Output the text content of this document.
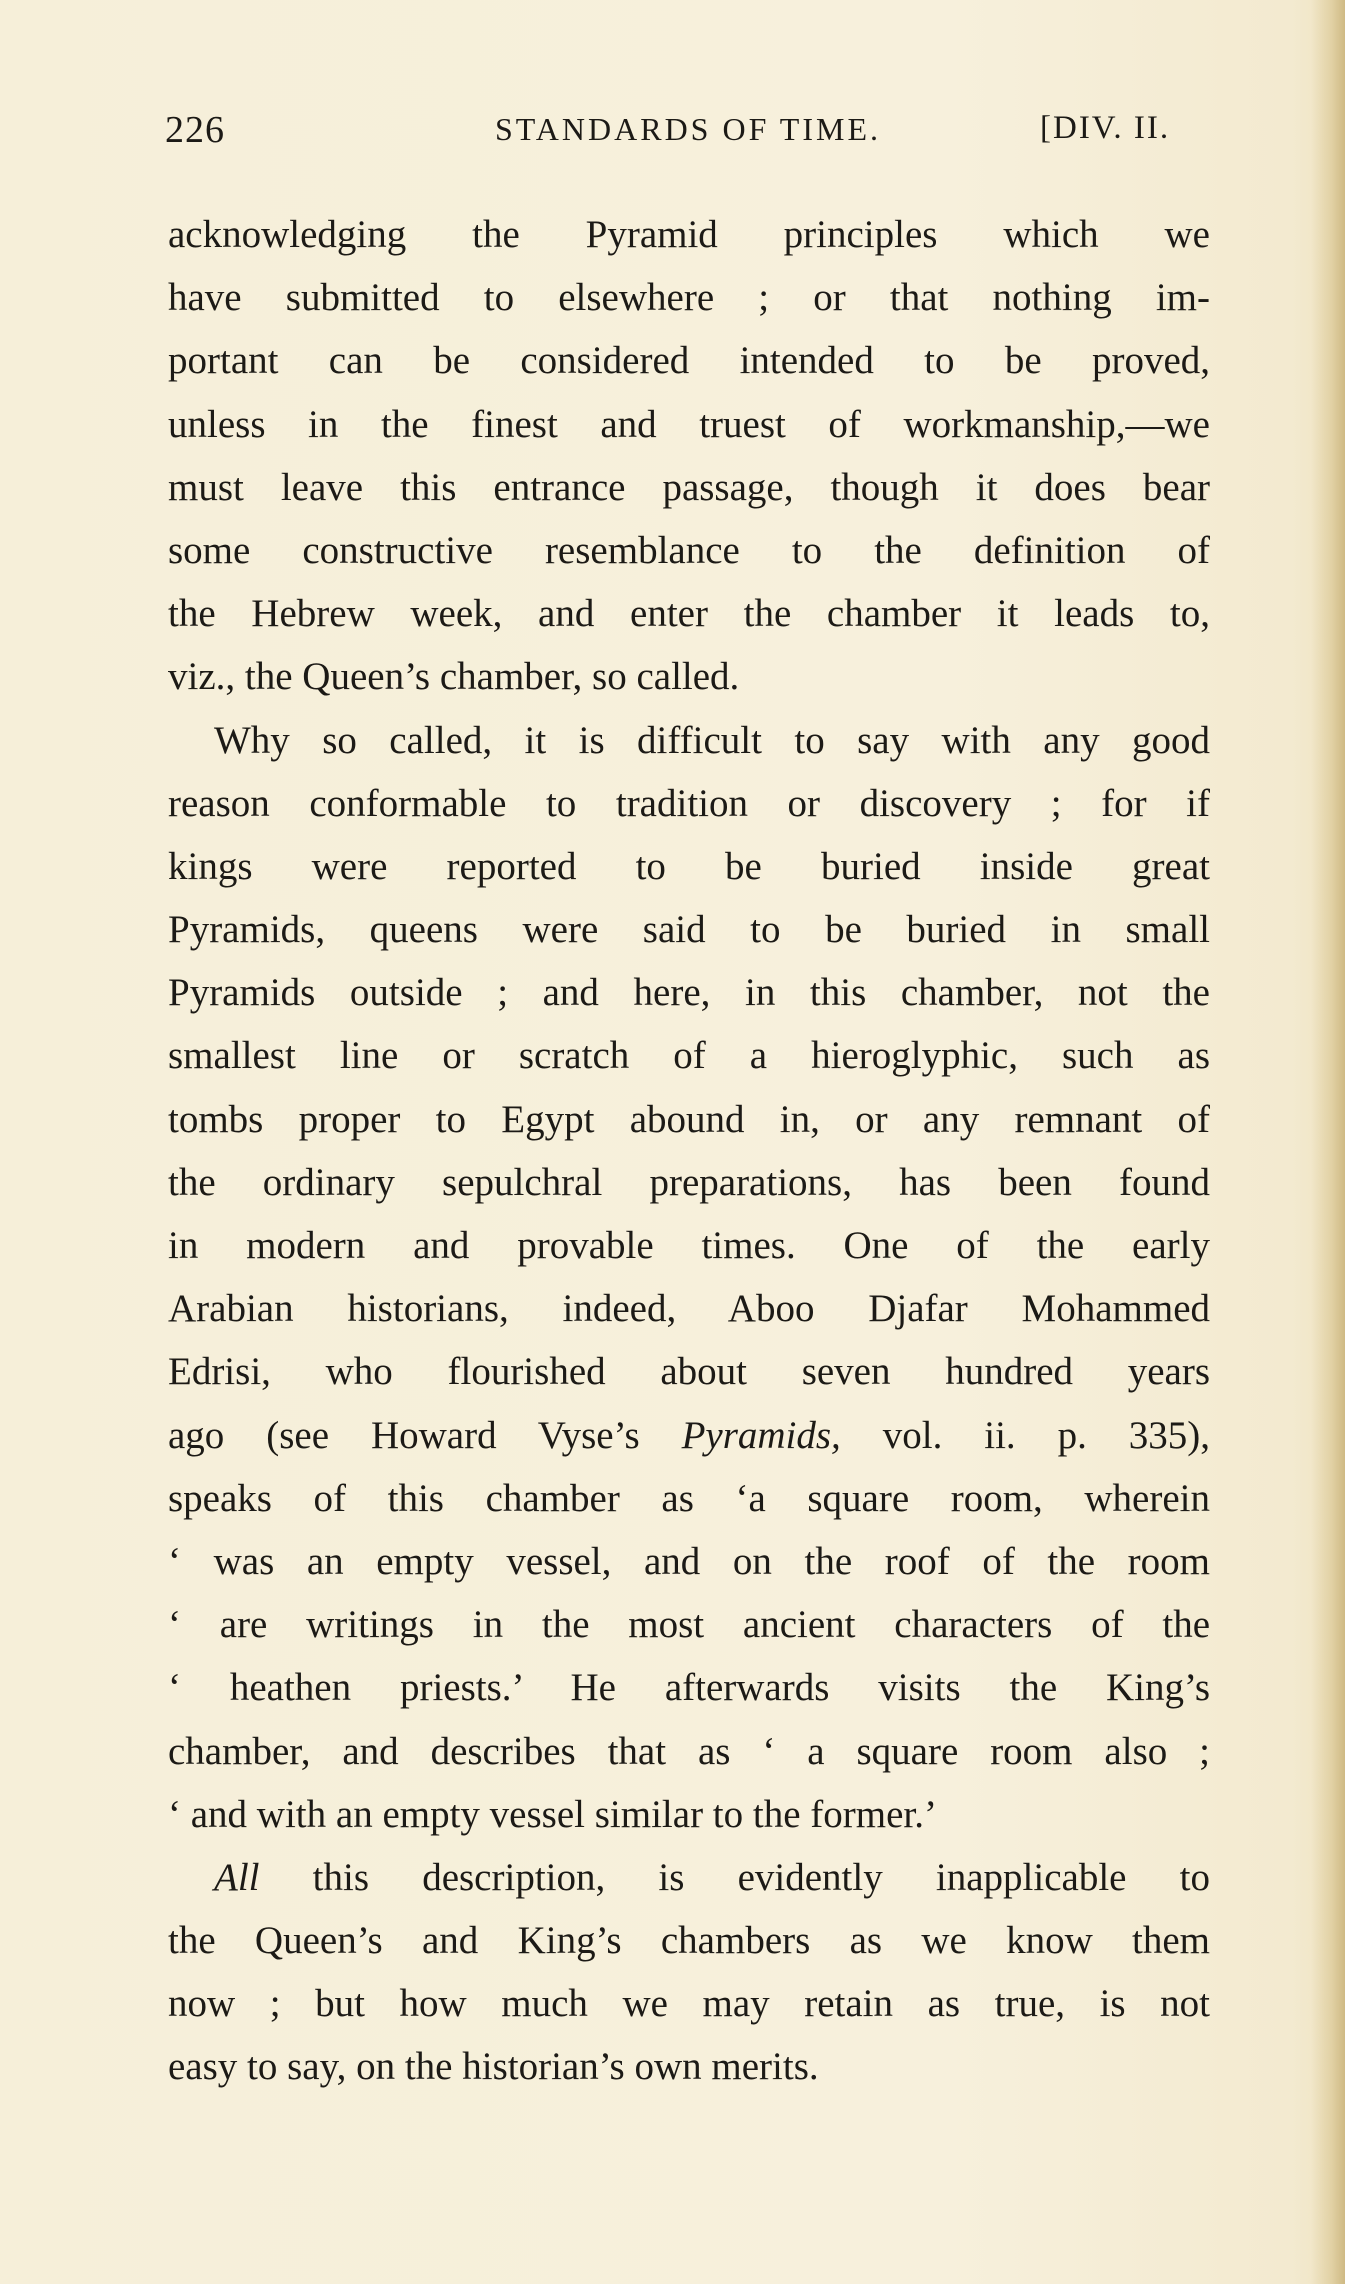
226	STANDARDS OF TIME.	[DIV. II.
acknowledging the Pyramid principles which we
have submitted to elsewhere ; or that nothing im-
portant can be considered intended to be proved,
unless in the finest and truest of workmanship,—we
must leave this entrance passage, though it does bear
some constructive resemblance to the definition of
the Hebrew week, and enter the chamber it leads to,
viz., the Queen’s chamber, so called.
Why so called, it is difficult to say with any good
reason conformable to tradition or discovery ; for if
kings were reported to be buried inside great
Pyramids, queens were said to be buried in small
Pyramids outside ; and here, in this chamber, not the
smallest line or scratch of a hieroglyphic, such as
tombs proper to Egypt abound in, or any remnant of
the ordinary sepulchral preparations, has been found
in modern and provable times. One of the early
Arabian historians, indeed, Aboo Djafar Mohammed
Edrisi, who flourished about seven hundred years
ago (see Howard Vyse’s Pyramids, vol. ii. p. 335),
speaks of this chamber as ‘a square room, wherein
‘ was an empty vessel, and on the roof of the room
‘ are writings in the most ancient characters of the
‘ heathen priests.’ He afterwards visits the King’s
chamber, and describes that as ‘ a square room also ;
‘ and with an empty vessel similar to the former.’
All this description, is evidently inapplicable to
the Queen’s and King’s chambers as we know them
now ; but how much we may retain as true, is not
easy to say, on the historian’s own merits.
